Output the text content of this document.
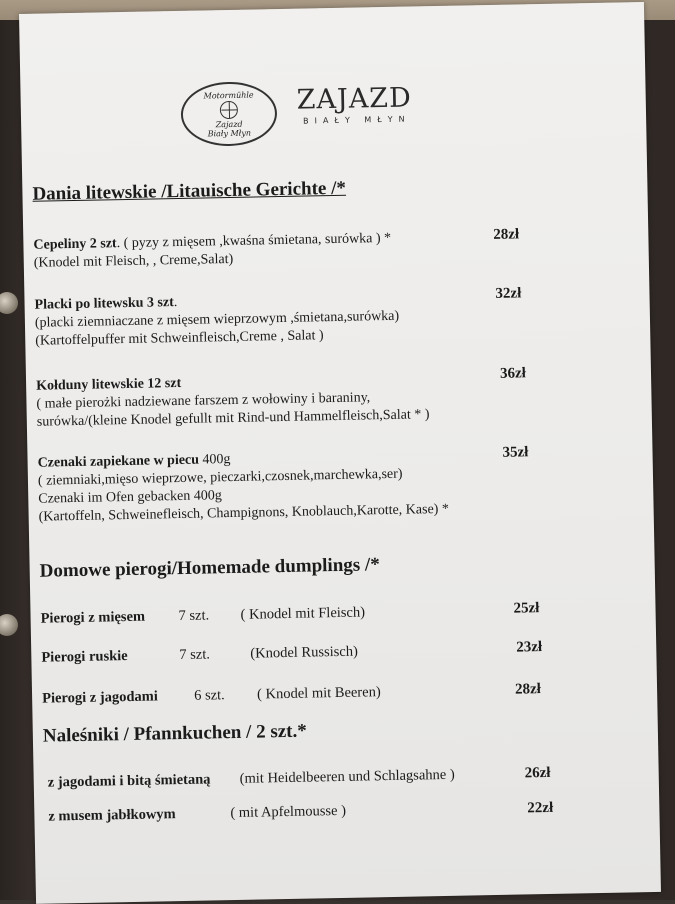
Motormühle
Zajazd
Biały Młyn
ZAJAZD
BIAŁY MŁYN
Dania litewskie /Litauische Gerichte /*
Cepeliny 2 szt. ( pyzy z mięsem ,kwaśna śmietana, surówka ) *
(Knodel mit Fleisch, , Creme,Salat)
28zł
Placki po litewsku 3 szt.
(placki ziemniaczane z mięsem wieprzowym ,śmietana,surówka)
(Kartoffelpuffer mit Schweinfleisch,Creme , Salat )
32zł
Kołduny litewskie 12 szt
( małe pierożki nadziewane farszem z wołowiny i baraniny,
surówka/(kleine Knodel gefullt mit Rind-und Hammelfleisch,Salat * )
36zł
Czenaki zapiekane w piecu 400g
( ziemniaki,mięso wieprzowe, pieczarki,czosnek,marchewka,ser)
Czenaki im Ofen gebacken 400g
(Kartoffeln, Schweinefleisch, Champignons, Knoblauch,Karotte, Kase) *
35zł
Domowe pierogi/Homemade dumplings /*
Pierogi z mięsem 7 szt. ( Knodel mit Fleisch)	25zł
Pierogi ruskie	7 szt.	(Knodel Russisch)	23zł
Pierogi z jagodami 6 szt. ( Knodel mit Beeren)	28zł
Naleśniki / Pfannkuchen / 2 szt.*
z jagodami i bitą śmietaną (mit Heidelbeeren und Schlagsahne )	26zł
z musem jabłkowym	( mit Apfelmousse )	22zł
